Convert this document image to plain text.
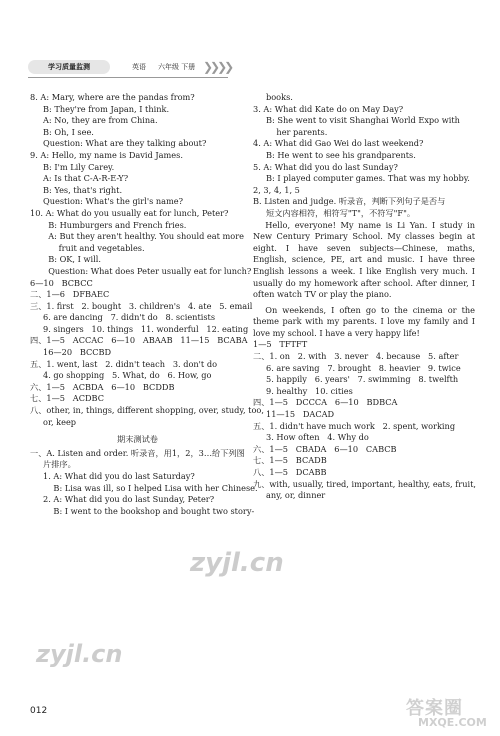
学习质量监测	英语 六年级 下册 ❯❯❯❯
8. A: Mary, where are the pandas from?
B: They're from Japan, I think.
A: No, they are from China.
B: Oh, I see.
Question: What are they talking about?
9. A: Hello, my name is David James.
B: I'm Lily Carey.
A: Is that C-A-R-E-Y?
B: Yes, that's right.
Question: What's the girl's name?
10. A: What do you usually eat for lunch, Peter?
B: Humburgers and French fries.
A: But they aren't healthy. You should eat more
fruit and vegetables.
B: OK, I will.
Question: What does Peter usually eat for lunch?
6—10   BCBCC
二、1—6   DFBAEC
三、1. first   2. bought   3. children's   4. ate   5. email
6. are dancing   7. didn't do   8. scientists
9. singers   10. things   11. wonderful   12. eating
四、1—5   ACCAC   6—10   ABAAB   11—15   BCABA
16—20   BCCBD
五、1. went, last   2. didn't teach   3. don't do
4. go shopping   5. What, do   6. How, go
六、1—5   ACBDA   6—10   BCDDB
七、1—5   ACDBC
八、other, in, things, different shopping, over, study, too,
or, keep
期末测试卷
一、A. Listen and order. 听录音，用1，2，3…给下列图
片排序。
1. A: What did you do last Saturday?
B: Lisa was ill, so I helped Lisa with her Chinese.
2. A: What did you do last Sunday, Peter?
B: I went to the bookshop and bought two story-
books.
3. A: What did Kate do on May Day?
B: She went to visit Shanghai World Expo with
her parents.
4. A: What did Gao Wei do last weekend?
B: He went to see his grandparents.
5. A: What did you do last Sunday?
B: I played computer games. That was my hobby.
2, 3, 4, 1, 5
B. Listen and judge. 听录音，判断下列句子是否与
短文内容相符，相符写"T"，不符写"F"。
Hello, everyone! My name is Li Yan. I study in New Century Primary School. My classes begin at eight. I have seven subjects—Chinese, maths, English, science, PE, art and music. I have three English lessons a week. I like English very much. I usually do my homework after school. After dinner, I often watch TV or play the piano.
On weekends, I often go to the cinema or the theme park with my parents. I love my family and I love my school. I have a very happy life!
1—5   TFTFT
二、1. on   2. with   3. never   4. because   5. after
6. are saving   7. brought   8. heavier   9. twice
5. happily   6. years'   7. swimming   8. twelfth
9. healthy   10. cities
四、1—5   DCCCA   6—10   BDBCA
11—15   DACAD
五、1. didn't have much work   2. spent, working
3. How often   4. Why do
六、1—5   CBADA   6—10   CABCB
七、1—5   BCADB
八、1—5   DCABB
九、with, usually, tired, important, healthy, eats, fruit,
any, or, dinner
zyjl.cn
zyjl.cn
012	答案圈
MXQE.COM
